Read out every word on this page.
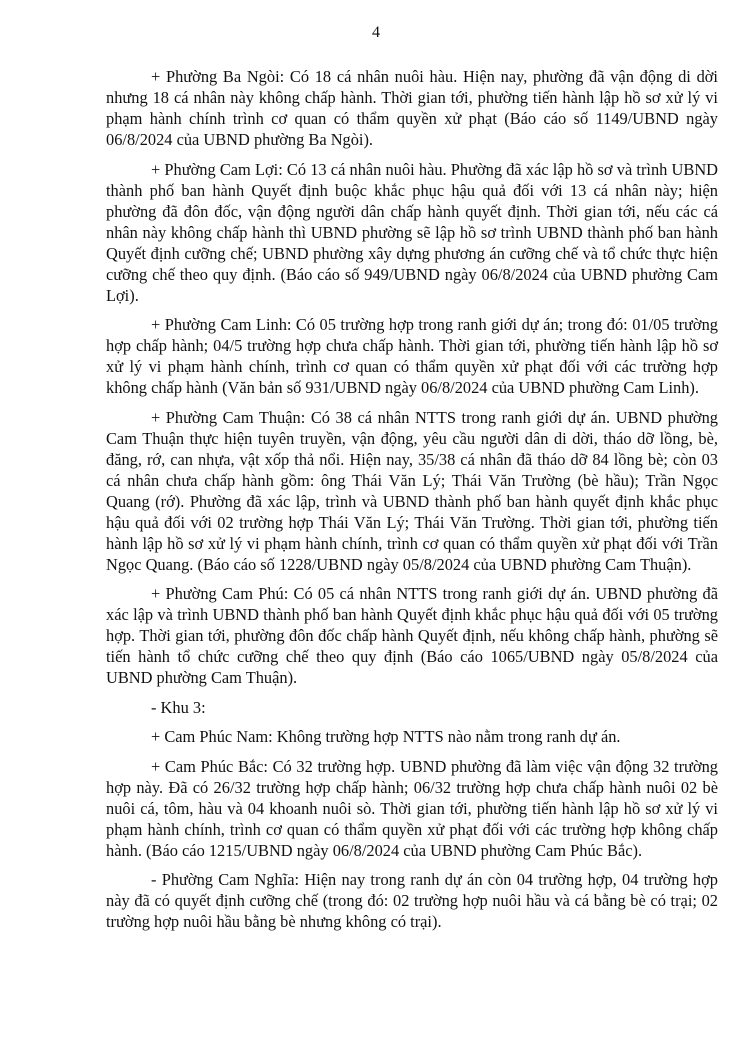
4

+ Phường Ba Ngòi: Có 18 cá nhân nuôi hàu. Hiện nay, phường đã vận động di dời nhưng 18 cá nhân này không chấp hành. Thời gian tới, phường tiến hành lập hồ sơ xử lý vi phạm hành chính trình cơ quan có thẩm quyền xử phạt (Báo cáo số 1149/UBND ngày 06/8/2024 của UBND phường Ba Ngòi).

+ Phường Cam Lợi: Có 13 cá nhân nuôi hàu. Phường đã xác lập hồ sơ và trình UBND thành phố ban hành Quyết định buộc khắc phục hậu quả đối với 13 cá nhân này; hiện phường đã đôn đốc, vận động người dân chấp hành quyết định. Thời gian tới, nếu các cá nhân này không chấp hành thì UBND phường sẽ lập hồ sơ trình UBND thành phố ban hành Quyết định cưỡng chế; UBND phường xây dựng phương án cưỡng chế và tổ chức thực hiện cưỡng chế theo quy định. (Báo cáo số 949/UBND ngày 06/8/2024 của UBND phường Cam Lợi).

+ Phường Cam Linh: Có 05 trường hợp trong ranh giới dự án; trong đó: 01/05 trường hợp chấp hành; 04/5 trường hợp chưa chấp hành. Thời gian tới, phường tiến hành lập hồ sơ xử lý vi phạm hành chính, trình cơ quan có thẩm quyền xử phạt đối với các trường hợp không chấp hành (Văn bản số 931/UBND ngày 06/8/2024 của UBND phường Cam Linh).

+ Phường Cam Thuận: Có 38 cá nhân NTTS trong ranh giới dự án. UBND phường Cam Thuận thực hiện tuyên truyền, vận động, yêu cầu người dân di dời, tháo dỡ lồng, bè, đăng, rớ, can nhựa, vật xốp thả nổi. Hiện nay, 35/38 cá nhân đã tháo dỡ 84 lồng bè; còn 03 cá nhân chưa chấp hành gồm: ông Thái Văn Lý; Thái Văn Trường (bè hầu); Trần Ngọc Quang (rớ). Phường đã xác lập, trình và UBND thành phố ban hành quyết định khắc phục hậu quả đối với 02 trường hợp Thái Văn Lý; Thái Văn Trường. Thời gian tới, phường tiến hành lập hồ sơ xử lý vi phạm hành chính, trình cơ quan có thẩm quyền xử phạt đối với Trần Ngọc Quang. (Báo cáo số 1228/UBND ngày 05/8/2024 của UBND phường Cam Thuận).

+ Phường Cam Phú: Có 05 cá nhân NTTS trong ranh giới dự án. UBND phường đã xác lập và trình UBND thành phố ban hành Quyết định khắc phục hậu quả đối với 05 trường hợp. Thời gian tới, phường đôn đốc chấp hành Quyết định, nếu không chấp hành, phường sẽ tiến hành tổ chức cưỡng chế theo quy định (Báo cáo 1065/UBND ngày 05/8/2024 của UBND phường Cam Thuận).

- Khu 3:

+ Cam Phúc Nam: Không trường hợp NTTS nào nằm trong ranh dự án.

+ Cam Phúc Bắc: Có 32 trường hợp. UBND phường đã làm việc vận động 32 trường hợp này. Đã có 26/32 trường hợp chấp hành; 06/32 trường hợp chưa chấp hành nuôi 02 bè nuôi cá, tôm, hàu và 04 khoanh nuôi sò. Thời gian tới, phường tiến hành lập hồ sơ xử lý vi phạm hành chính, trình cơ quan có thẩm quyền xử phạt đối với các trường hợp không chấp hành. (Báo cáo 1215/UBND ngày 06/8/2024 của UBND phường Cam Phúc Bắc).

- Phường Cam Nghĩa: Hiện nay trong ranh dự án còn 04 trường hợp, 04 trường hợp này đã có quyết định cưỡng chế (trong đó: 02 trường hợp nuôi hầu và cá bằng bè có trại; 02 trường hợp nuôi hầu bằng bè nhưng không có trại).
